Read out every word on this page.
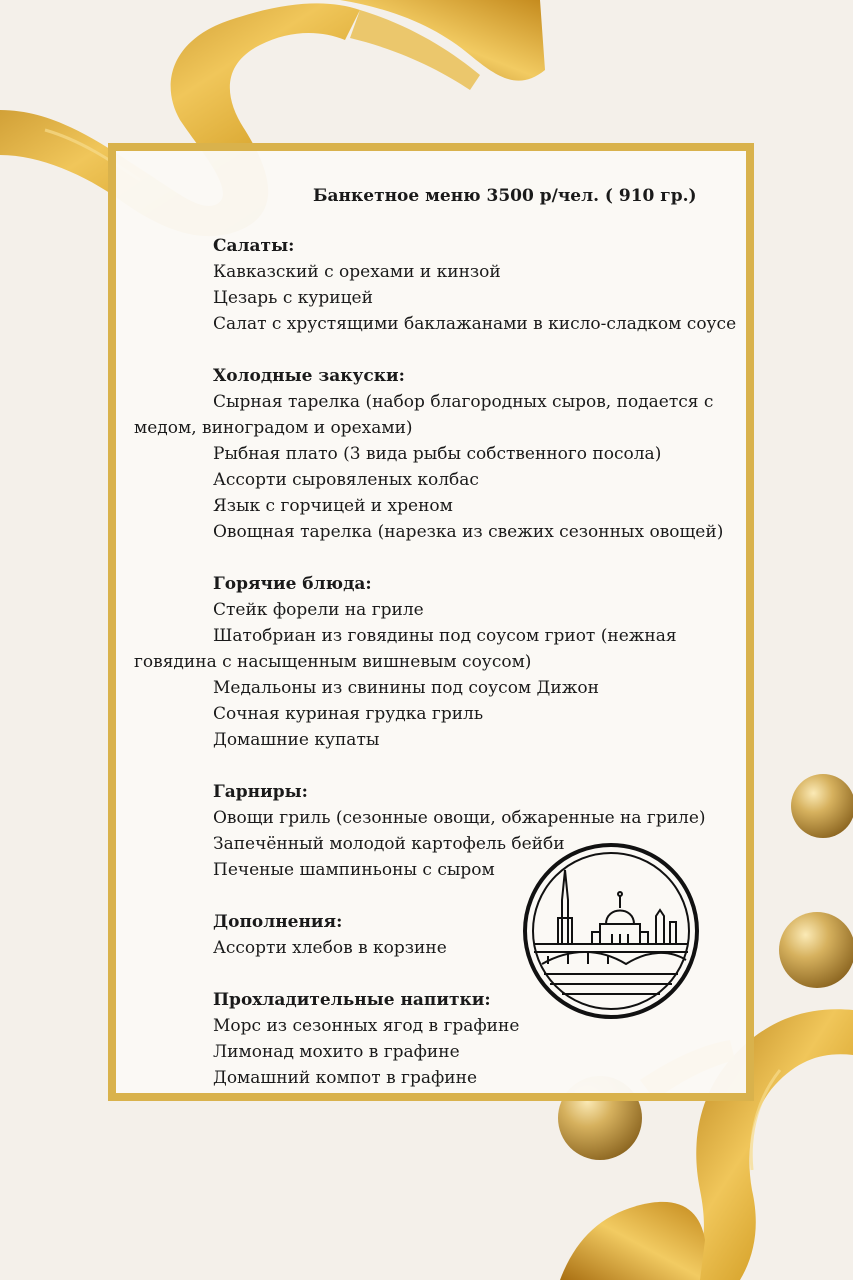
Банкетное меню 3500 р/чел. ( 910 гр.)
Салаты:
Кавказский с орехами и кинзой
Цезарь с курицей
Салат с хрустящими баклажанами в кисло-сладком соусе
Холодные закуски:
Сырная тарелка (набор благородных сыров, подается с медом, виноградом и орехами)
Рыбная плато (3 вида рыбы собственного посола)
Ассорти сыровяленых колбас
Язык с горчицей и хреном
Овощная тарелка (нарезка из свежих сезонных овощей)
Горячие блюда:
Стейк форели на гриле
Шатобриан из говядины под соусом гриот (нежная говядина с насыщенным вишневым соусом)
Медальоны из свинины под соусом Дижон
Сочная куриная грудка гриль
Домашние купаты
Гарниры:
Овощи гриль (сезонные овощи, обжаренные на гриле)
Запечённый молодой картофель бейби
Печеные шампиньоны с сыром
Дополнения:
Ассорти хлебов в корзине
Прохладительные напитки:
Морс из сезонных ягод в графине
Лимонад мохито в графине
Домашний компот в графине
